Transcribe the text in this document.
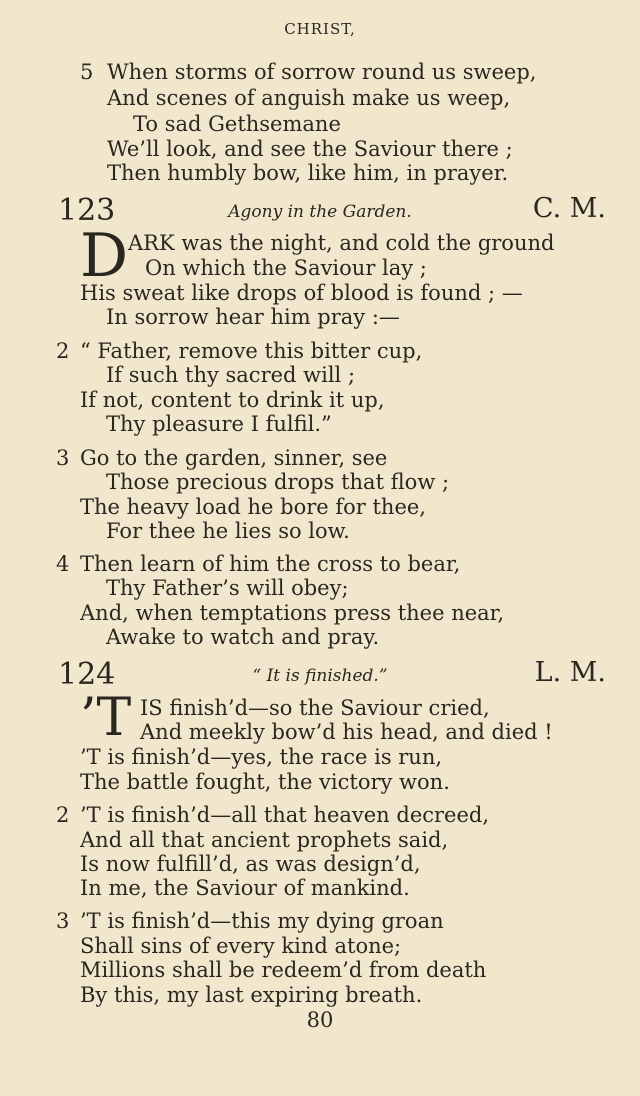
CHRIST,
5 When storms of sorrow round us sweep,
And scenes of anguish make us weep,
To sad Gethsemane
We’ll look, and see the Saviour there ;
Then humbly bow, like him, in prayer.
123	Agony in the Garden.	C. M.
D ARK was the night, and cold the ground
On which the Saviour lay ;
His sweat like drops of blood is found ; —
In sorrow hear him pray :—
2 “ Father, remove this bitter cup,
If such thy sacred will ;
If not, content to drink it up,
Thy pleasure I fulfil.”
3 Go to the garden, sinner, see
Those precious drops that flow ;
The heavy load he bore for thee,
For thee he lies so low.
4 Then learn of him the cross to bear,
Thy Father’s will obey;
And, when temptations press thee near,
Awake to watch and pray.
124	“ It is finished.”	L. M.
’T IS finish’d—so the Saviour cried,
And meekly bow’d his head, and died !
’T is finish’d—yes, the race is run,
The battle fought, the victory won.
2 ’T is finish’d—all that heaven decreed,
And all that ancient prophets said,
Is now fulfill’d, as was design’d,
In me, the Saviour of mankind.
3 ’T is finish’d—this my dying groan
Shall sins of every kind atone;
Millions shall be redeem’d from death
By this, my last expiring breath.
80
